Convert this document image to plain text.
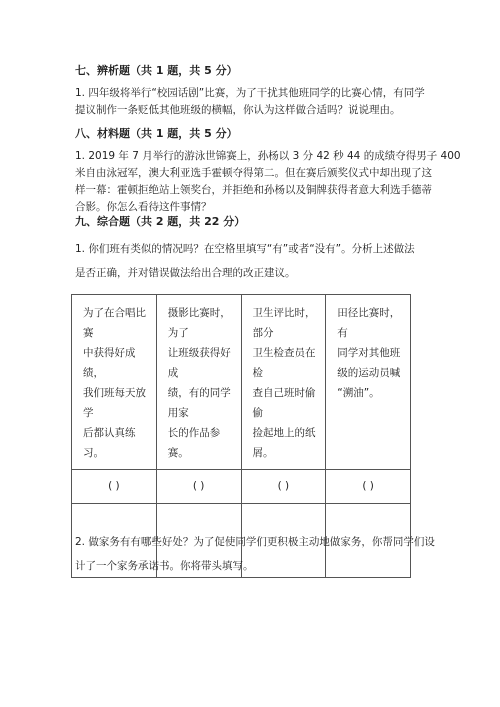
七、辨析题（共 1 题，共 5 分）
1. 四年级将举行“校园话剧”比赛，为了干扰其他班同学的比赛心情，有同学
提议制作一条贬低其他班级的横幅，你认为这样做合适吗？说说理由。
八、材料题（共 1 题，共 5 分）
1. 2019 年 7 月举行的游泳世锦赛上，孙杨以 3 分 42 秒 44 的成绩夺得男子 400
米自由泳冠军，澳大利亚选手霍顿夺得第二。但在赛后颁奖仪式中却出现了这
样一幕：霍顿拒绝站上领奖台，并拒绝和孙杨以及铜牌获得者意大利选手德蒂
合影。你怎么看待这件事情？
九、综合题（共 2 题，共 22 分）
1. 你们班有类似的情况吗？在空格里填写“有”或者“没有”。分析上述做法
是否正确，并对错误做法给出合理的改正建议。
为了在合唱比赛
中获得好成绩，
我们班每天放学
后都认真练习。	摄影比赛时，为了
让班级获得好成
绩，有的同学用家
长的作品参赛。	卫生评比时，部分
卫生检查员在检
查自己班时偷偷
捡起地上的纸屑。	田径比赛时，有
同学对其他班
级的运动员喊
“溯油”。

( )	( )	( )	( )

2. 做家务有有哪些好处？为了促使同学们更积极主动地做家务，你帮同学们设
计了一个家务承诺书。你将带头填写。
